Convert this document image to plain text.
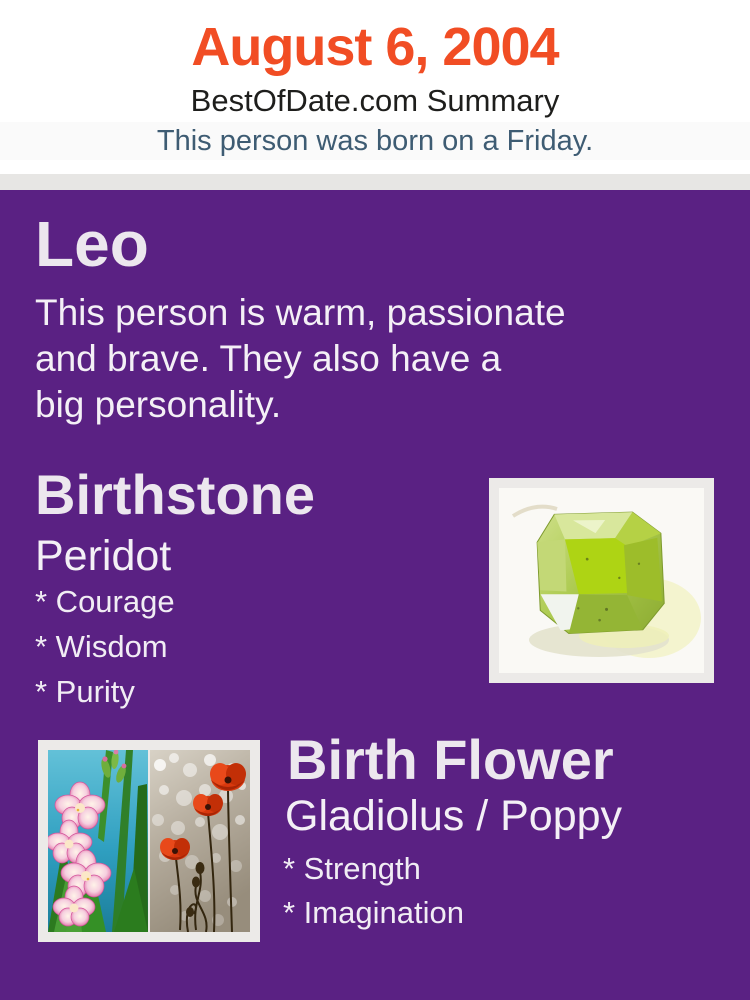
August 6, 2004
BestOfDate.com Summary
This person was born on a Friday.
Leo
This person is warm, passionate
and brave. They also have a
big personality.
Birthstone
Peridot
* Courage
* Wisdom
* Purity
Birth Flower
Gladiolus / Poppy
* Strength
* Imagination
